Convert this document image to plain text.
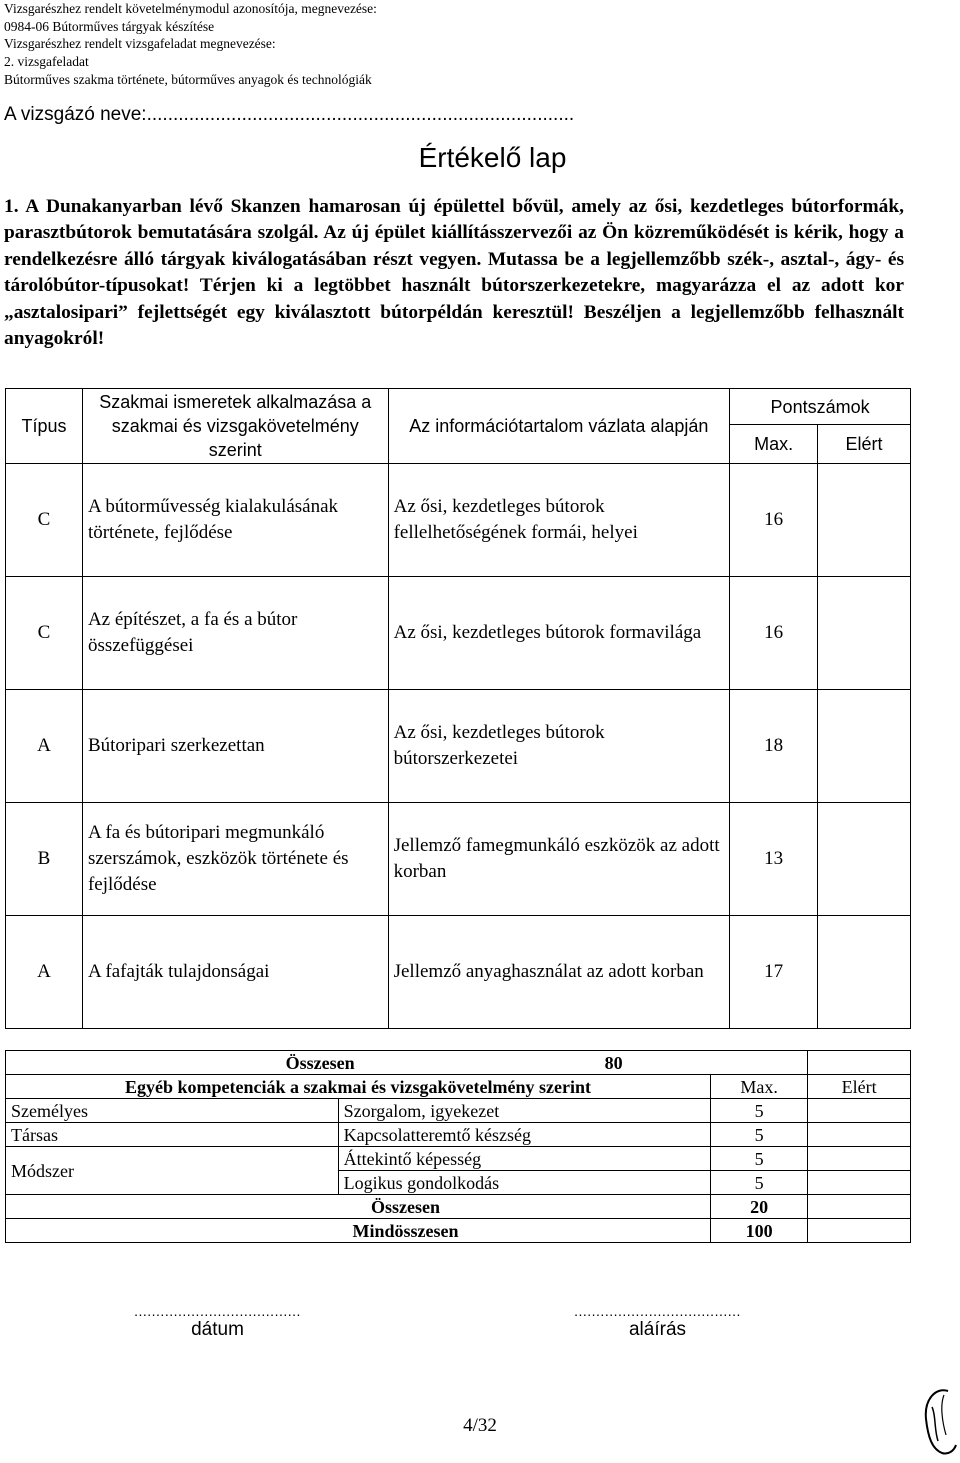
Vizsgarészhez rendelt követelménymodul azonosítója, megnevezése:
0984-06 Bútorműves tárgyak készítése
Vizsgarészhez rendelt vizsgafeladat megnevezése:
2. vizsgafeladat
Bútorműves szakma története, bútorműves anyagok és technológiák
A vizsgázó neve:.................................................................................
Értékelő lap
1. A Dunakanyarban lévő Skanzen hamarosan új épülettel bővül, amely az ősi, kezdetleges bútorformák, parasztbútorok bemutatására szolgál. Az új épület kiállításszervezői az Ön közreműködését is kérik, hogy a rendelkezésre álló tárgyak kiválogatásában részt vegyen. Mutassa be a legjellemzőbb szék-, asztal-, ágy- és tárolóbútor-típusokat! Térjen ki a legtöbbet használt bútorszerkezetekre, magyarázza el az adott kor „asztalosipari” fejlettségét egy kiválasztott bútorpéldán keresztül! Beszéljen a legjellemzőbb felhasznált anyagokról!
Típus	Szakmai ismeretek alkalmazása a szakmai és vizsgakövetelmény szerint	Az információtartalom vázlata alapján	Pontszámok	
			Max.	Elért
C	A bútorművesség kialakulásának története, fejlődése	Az ősi, kezdetleges bútorok fellelhetőségének formái, helyei	16	
C	Az építészet, a fa és a bútor összefüggései	Az ősi, kezdetleges bútorok formavilága	16	
A	Bútoripari szerkezettan	Az ősi, kezdetleges bútorok bútorszerkezetei	18	
B	A fa és bútoripari megmunkáló szerszámok, eszközök története és fejlődése	Jellemző famegmunkáló eszközök az adott korban	13	
A	A fafajták tulajdonságai	Jellemző anyaghasználat az adott korban	17	
Összesen 80			
Egyéb kompetenciák a szakmai és vizsgakövetelmény szerint		Max.	Elért
Személyes	Szorgalom, igyekezet	5	
Társas	Kapcsolatteremtő készség	5	
Módszer	Áttekintő képesség	5	
	Logikus gondolkodás	5	
Összesen		20	
Mindösszesen		100	
......................................
dátum
......................................
aláírás
4/32
